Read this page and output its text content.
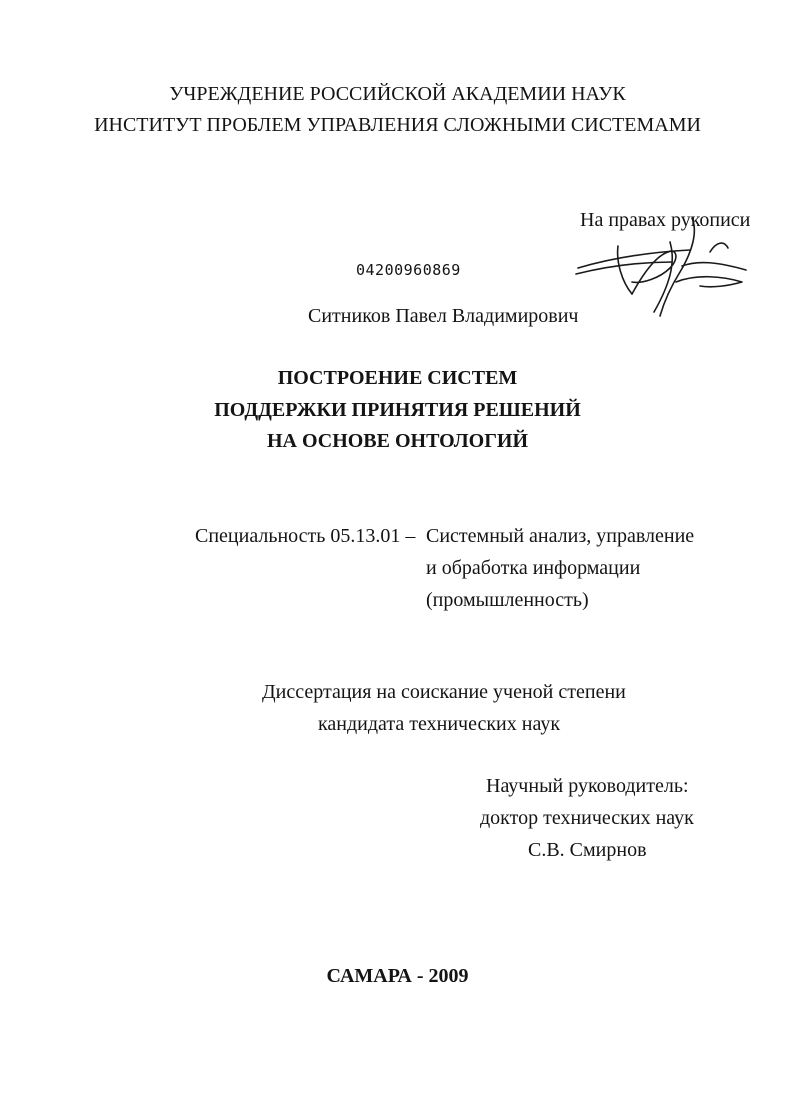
УЧРЕЖДЕНИЕ РОССИЙСКОЙ АКАДЕМИИ НАУК
ИНСТИТУТ ПРОБЛЕМ УПРАВЛЕНИЯ СЛОЖНЫМИ СИСТЕМАМИ
На правах рукописи
04200960869
Ситников Павел Владимирович
ПОСТРОЕНИЕ СИСТЕМ
ПОДДЕРЖКИ ПРИНЯТИЯ РЕШЕНИЙ
НА ОСНОВЕ ОНТОЛОГИЙ
Специальность 05.13.01 – Системный анализ, управление
и обработка информации
(промышленность)
Диссертация на соискание ученой степени
кандидата технических наук
Научный руководитель:
доктор технических наук
С.В. Смирнов
САМАРА - 2009
